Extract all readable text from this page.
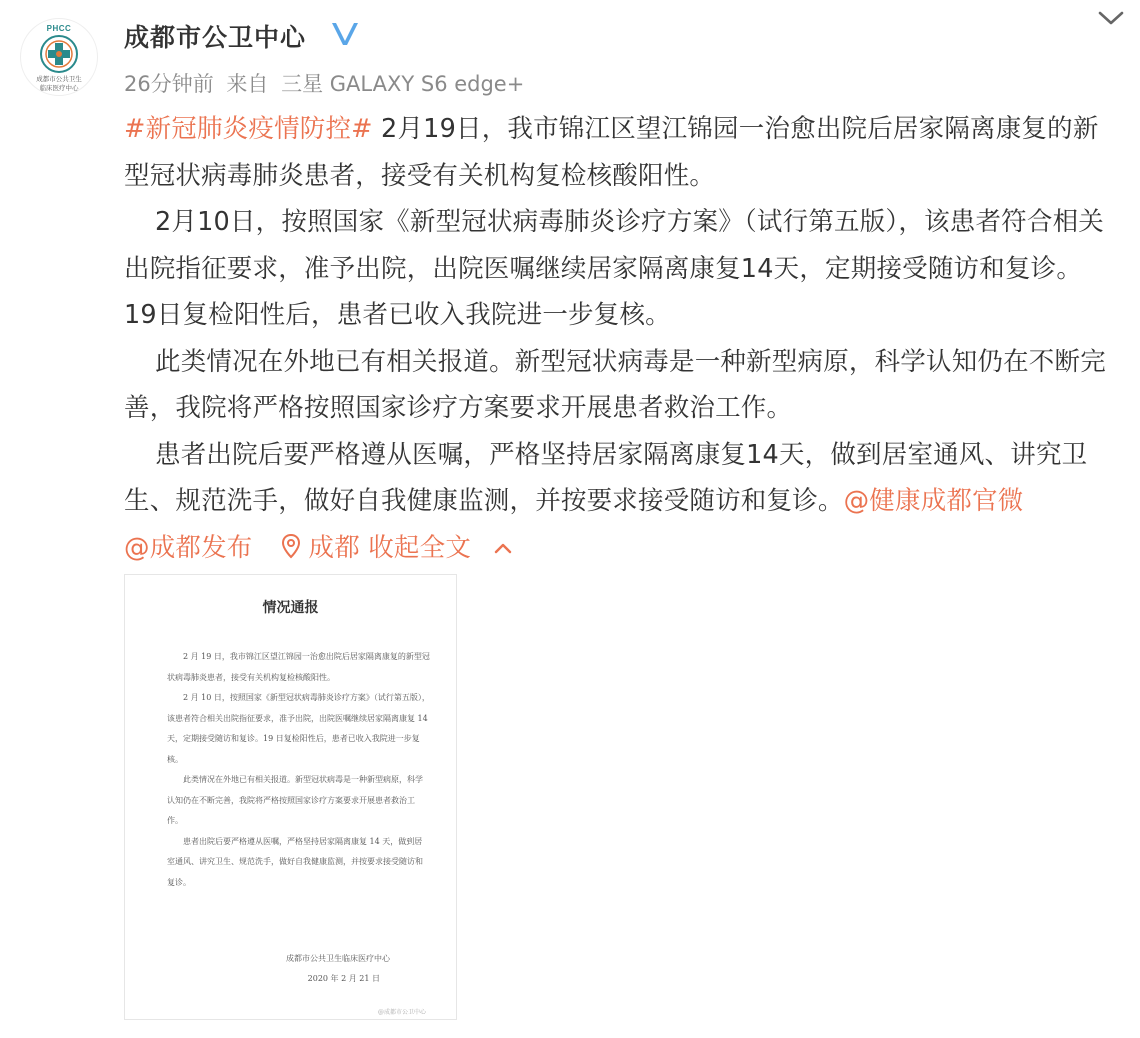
PHCC
成都市公共卫生
临床医疗中心
成都市公卫中心
26分钟前 来自 三星 GALAXY S6 edge+

#新冠肺炎疫情防控# 2月19日，我市锦江区望江锦园一治愈出院后居家隔离康复的新型冠状病毒肺炎患者，接受有关机构复检核酸阳性。

2月10日，按照国家《新型冠状病毒肺炎诊疗方案》（试行第五版），该患者符合相关出院指征要求，准予出院，出院医嘱继续居家隔离康复14天，定期接受随访和复诊。19日复检阳性后，患者已收入我院进一步复核。

此类情况在外地已有相关报道。新型冠状病毒是一种新型病原，科学认知仍在不断完善，我院将严格按照国家诊疗方案要求开展患者救治工作。

患者出院后要严格遵从医嘱，严格坚持居家隔离康复14天，做到居室通风、讲究卫生、规范洗手，做好自我健康监测，并按要求接受随访和复诊。@健康成都官微 @成都发布 成都 收起全文

情况通报

2 月 19 日，我市锦江区望江锦园一治愈出院后居家隔离康复的新型冠状病毒肺炎患者，接受有关机构复检核酸阳性。

2 月 10 日，按照国家《新型冠状病毒肺炎诊疗方案》（试行第五版），该患者符合相关出院指征要求，准予出院，出院医嘱继续居家隔离康复 14 天，定期接受随访和复诊。19 日复检阳性后，患者已收入我院进一步复核。

此类情况在外地已有相关报道。新型冠状病毒是一种新型病原，科学认知仍在不断完善，我院将严格按照国家诊疗方案要求开展患者救治工作。

患者出院后要严格遵从医嘱，严格坚持居家隔离康复 14 天，做到居室通风、讲究卫生、规范洗手，做好自我健康监测，并按要求接受随访和复诊。

成都市公共卫生临床医疗中心
2020 年 2 月 21 日
@成都市公卫中心
